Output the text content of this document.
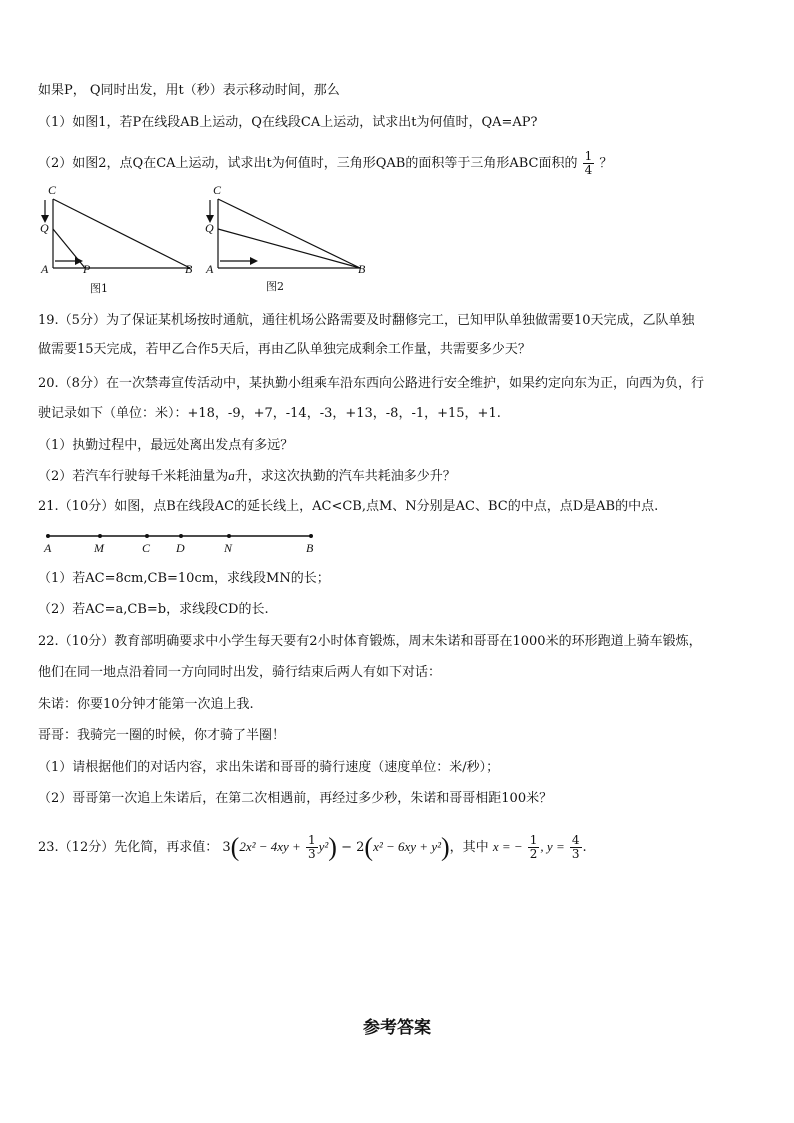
如果P， Q同时出发，用t（秒）表示移动时间，那么
（1）如图1，若P在线段AB上运动，Q在线段CA上运动，试求出t为何值时，QA=AP?
（2）如图2，点Q在CA上运动，试求出t为何值时，三角形QAB的面积等于三角形ABC面积的 $\frac{1}{4}$ ？
C
Q
A	P	B
图1
C
Q
A	B
图2
19.（5分）为了保证某机场按时通航，通往机场公路需要及时翻修完工，已知甲队单独做需要10天完成，乙队单独
做需要15天完成，若甲乙合作5天后，再由乙队单独完成剩余工作量，共需要多少天？
20.（8分）在一次禁毒宣传活动中，某执勤小组乘车沿东西向公路进行安全维护，如果约定向东为正，向西为负，行
驶记录如下（单位：米）：+18，-9，+7，-14，-3，+13，-8，-1，+15，+1.
（1）执勤过程中，最远处离出发点有多远？
（2）若汽车行驶每千米耗油量为a升，求这次执勤的汽车共耗油多少升？
21.（10分）如图，点B在线段AC的延长线上，AC<CB,点M、N分别是AC、BC的中点，点D是AB的中点.
A	M	C D	N	B
（1）若AC=8cm,CB=10cm，求线段MN的长；
（2）若AC=a,CB=b，求线段CD的长.
22.（10分）教育部明确要求中小学生每天要有2小时体育锻炼，周末朱诺和哥哥在1000米的环形跑道上骑车锻炼，
他们在同一地点沿着同一方向同时出发，骑行结束后两人有如下对话：
朱诺：你要10分钟才能第一次追上我.
哥哥：我骑完一圈的时候，你才骑了半圈！
（1）请根据他们的对话内容，求出朱诺和哥哥的骑行速度（速度单位：米/秒）；
（2）哥哥第一次追上朱诺后，在第二次相遇前，再经过多少秒，朱诺和哥哥相距100米？
23.（12分）先化简，再求值： $3(2x^2 - 4xy + \frac{1}{3} y^2) - 2(x^2 - 6xy + y^2)$，其中 x = − $\frac{1}{2}$ , $y = \frac{4}{3}$ .
参考答案
